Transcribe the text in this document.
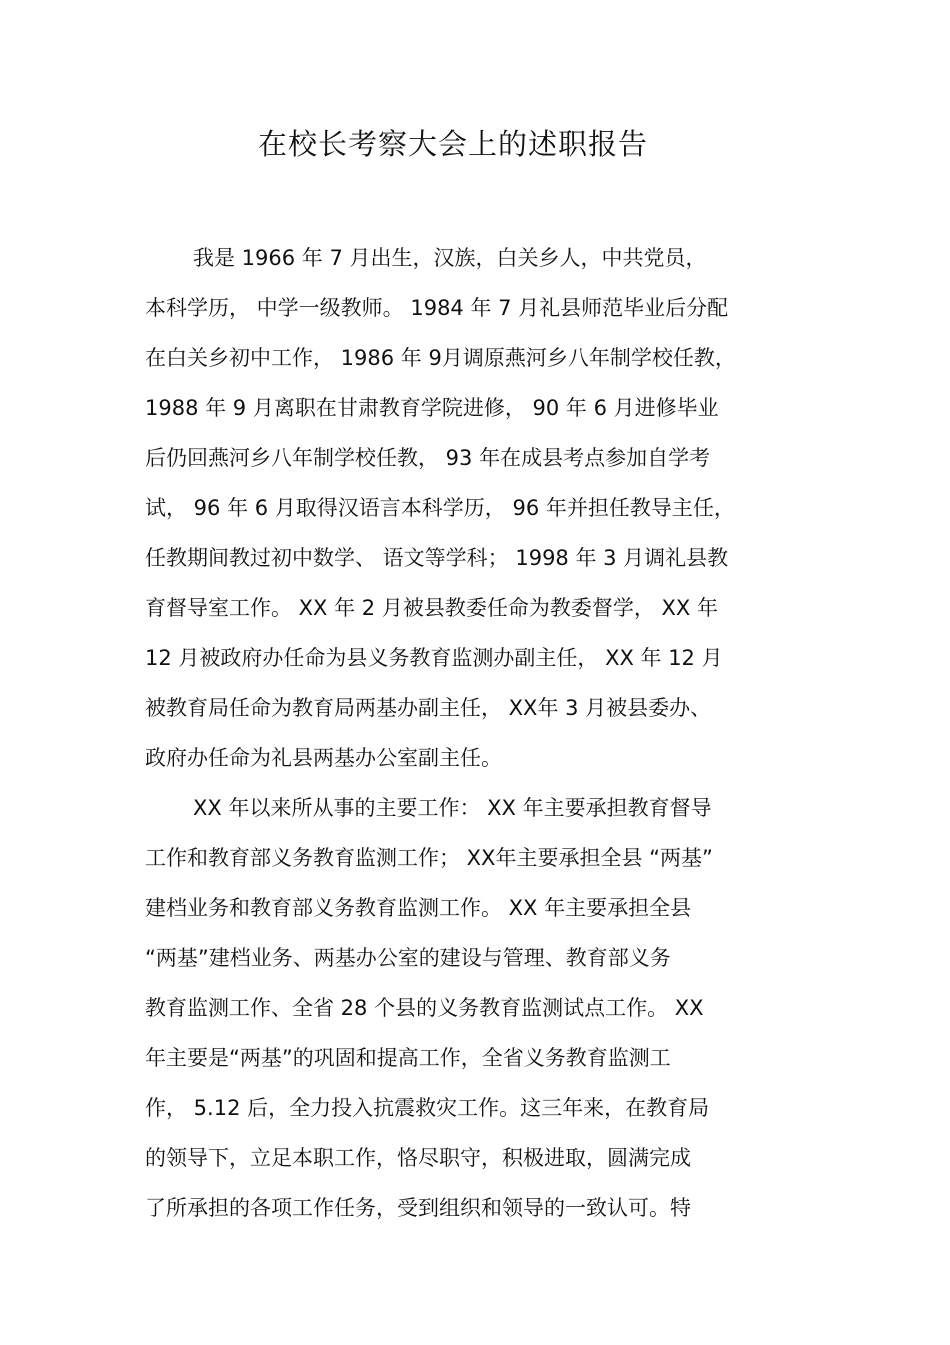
在校长考察大会上的述职报告
我是 1966 年 7 月出生，汉族，白关乡人，中共党员，
本科学历， 中学一级教师。 1984 年 7 月礼县师范毕业后分配
在白关乡初中工作， 1986 年 9月调原燕河乡八年制学校任教，
1988 年 9 月离职在甘肃教育学院进修， 90 年 6 月进修毕业
后仍回燕河乡八年制学校任教， 93 年在成县考点参加自学考
试， 96 年 6 月取得汉语言本科学历， 96 年并担任教导主任，
任教期间教过初中数学、 语文等学科； 1998 年 3 月调礼县教
育督导室工作。 XX 年 2 月被县教委任命为教委督学， XX 年
12 月被政府办任命为县义务教育监测办副主任， XX 年 12 月
被教育局任命为教育局两基办副主任， XX年 3 月被县委办、
政府办任命为礼县两基办公室副主任。
XX 年以来所从事的主要工作： XX 年主要承担教育督导
工作和教育部义务教育监测工作； XX年主要承担全县 “两基”
建档业务和教育部义务教育监测工作。 XX 年主要承担全县
“两基”建档业务、两基办公室的建设与管理、教育部义务
教育监测工作、全省 28 个县的义务教育监测试点工作。 XX
年主要是“两基”的巩固和提高工作，全省义务教育监测工
作， 5.12 后，全力投入抗震救灾工作。这三年来，在教育局
的领导下，立足本职工作，恪尽职守，积极进取，圆满完成
了所承担的各项工作任务，受到组织和领导的一致认可。特
